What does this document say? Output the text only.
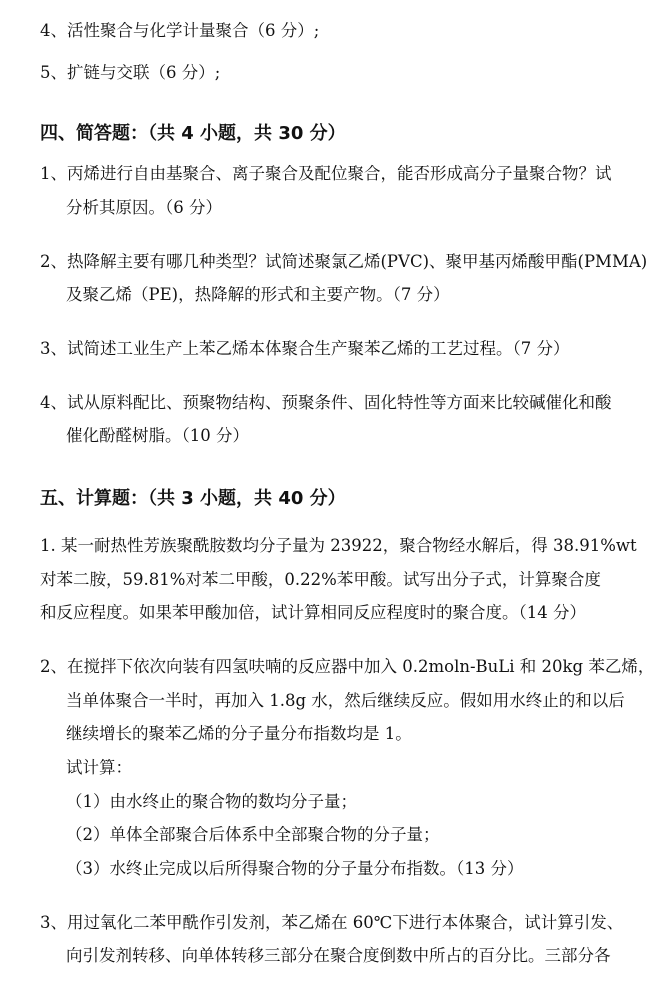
4、活性聚合与化学计量聚合（6 分）;
5、扩链与交联（6 分）;
四、简答题：（共 4 小题，共 30 分）
1、丙烯进行自由基聚合、离子聚合及配位聚合，能否形成高分子量聚合物？试
分析其原因。（6 分）
2、热降解主要有哪几种类型？试简述聚氯乙烯(PVC)、聚甲基丙烯酸甲酯(PMMA)
及聚乙烯（PE)，热降解的形式和主要产物。（7 分）
3、试简述工业生产上苯乙烯本体聚合生产聚苯乙烯的工艺过程。（7 分）
4、试从原料配比、预聚物结构、预聚条件、固化特性等方面来比较碱催化和酸
催化酚醛树脂。（10 分）
五、计算题：（共 3 小题，共 40 分）
1. 某一耐热性芳族聚酰胺数均分子量为 23922，聚合物经水解后，得 38.91%wt
对苯二胺，59.81%对苯二甲酸，0.22%苯甲酸。试写出分子式，计算聚合度
和反应程度。如果苯甲酸加倍，试计算相同反应程度时的聚合度。（14 分）
2、在搅拌下依次向装有四氢呋喃的反应器中加入 0.2moln-BuLi 和 20kg 苯乙烯，
当单体聚合一半时，再加入 1.8g 水，然后继续反应。假如用水终止的和以后
继续增长的聚苯乙烯的分子量分布指数均是 1。
试计算：
（1）由水终止的聚合物的数均分子量；
（2）单体全部聚合后体系中全部聚合物的分子量；
（3）水终止完成以后所得聚合物的分子量分布指数。（13 分）
3、用过氧化二苯甲酰作引发剂，苯乙烯在 60℃下进行本体聚合，试计算引发、
向引发剂转移、向单体转移三部分在聚合度倒数中所占的百分比。三部分各
